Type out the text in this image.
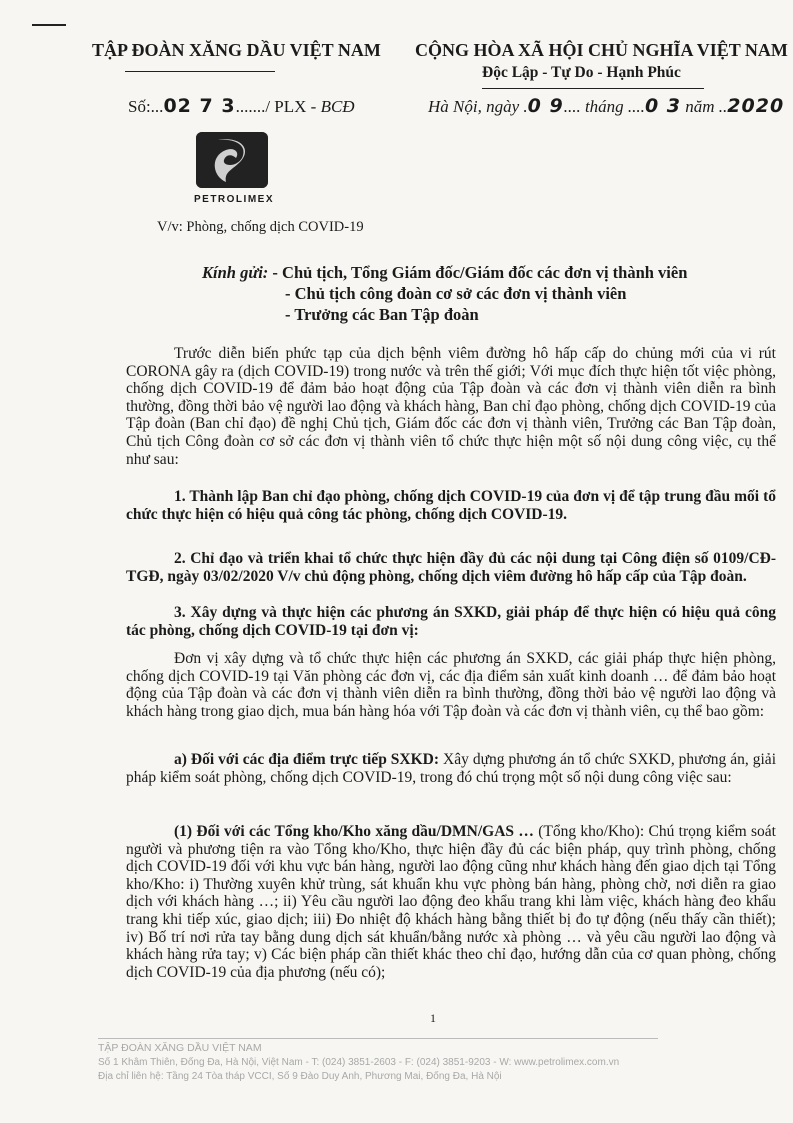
TẬP ĐOÀN XĂNG DẦU VIỆT NAM CỘNG HÒA XÃ HỘI CHỦ NGHĨA VIỆT NAM
Độc Lập - Tự Do - Hạnh Phúc
Số:...02 7 3......./ PLX - BCĐ	Hà Nội, ngày .0 9.... tháng ....0 3 năm ..2020
PETROLIMEX
V/v: Phòng, chống dịch COVID-19
Kính gửi: - Chủ tịch, Tổng Giám đốc/Giám đốc các đơn vị thành viên
- Chủ tịch công đoàn cơ sở các đơn vị thành viên
- Trưởng các Ban Tập đoàn

Trước diễn biến phức tạp của dịch bệnh viêm đường hô hấp cấp do chủng mới của vi rút CORONA gây ra (dịch COVID-19) trong nước và trên thế giới; Với mục đích thực hiện tốt việc phòng, chống dịch COVID-19 để đảm bảo hoạt động của Tập đoàn và các đơn vị thành viên diễn ra bình thường, đồng thời bảo vệ người lao động và khách hàng, Ban chỉ đạo phòng, chống dịch COVID-19 của Tập đoàn (Ban chỉ đạo) đề nghị Chủ tịch, Giám đốc các đơn vị thành viên, Trưởng các Ban Tập đoàn, Chủ tịch Công đoàn cơ sở các đơn vị thành viên tổ chức thực hiện một số nội dung công việc, cụ thể như sau:

1. Thành lập Ban chỉ đạo phòng, chống dịch COVID-19 của đơn vị để tập trung đầu mối tổ chức thực hiện có hiệu quả công tác phòng, chống dịch COVID-19.

2. Chỉ đạo và triển khai tổ chức thực hiện đầy đủ các nội dung tại Công điện số 0109/CĐ-TGĐ, ngày 03/02/2020 V/v chủ động phòng, chống dịch viêm đường hô hấp cấp của Tập đoàn.

3. Xây dựng và thực hiện các phương án SXKD, giải pháp để thực hiện có hiệu quả công tác phòng, chống dịch COVID-19 tại đơn vị:

Đơn vị xây dựng và tổ chức thực hiện các phương án SXKD, các giải pháp thực hiện phòng, chống dịch COVID-19 tại Văn phòng các đơn vị, các địa điểm sản xuất kinh doanh … để đảm bảo hoạt động của Tập đoàn và các đơn vị thành viên diễn ra bình thường, đồng thời bảo vệ người lao động và khách hàng trong giao dịch, mua bán hàng hóa với Tập đoàn và các đơn vị thành viên, cụ thể bao gồm:

a) Đối với các địa điểm trực tiếp SXKD: Xây dựng phương án tổ chức SXKD, phương án, giải pháp kiểm soát phòng, chống dịch COVID-19, trong đó chú trọng một số nội dung công việc sau:

(1) Đối với các Tổng kho/Kho xăng dầu/DMN/GAS … (Tổng kho/Kho): Chú trọng kiểm soát người và phương tiện ra vào Tổng kho/Kho, thực hiện đầy đủ các biện pháp, quy trình phòng, chống dịch COVID-19 đối với khu vực bán hàng, người lao động cũng như khách hàng đến giao dịch tại Tổng kho/Kho: i) Thường xuyên khử trùng, sát khuẩn khu vực phòng bán hàng, phòng chờ, nơi diễn ra giao dịch với khách hàng …; ii) Yêu cầu người lao động đeo khẩu trang khi làm việc, khách hàng đeo khẩu trang khi tiếp xúc, giao dịch; iii) Đo nhiệt độ khách hàng bằng thiết bị đo tự động (nếu thấy cần thiết); iv) Bố trí nơi rửa tay bằng dung dịch sát khuẩn/bằng nước xà phòng … và yêu cầu người lao động và khách hàng rửa tay; v) Các biện pháp cần thiết khác theo chỉ đạo, hướng dẫn của cơ quan phòng, chống dịch COVID-19 của địa phương (nếu có);

1
TẬP ĐOÀN XĂNG DẦU VIỆT NAM
Số 1 Khâm Thiên, Đống Đa, Hà Nội, Việt Nam - T: (024) 3851-2603 - F: (024) 3851-9203 - W: www.petrolimex.com.vn
Địa chỉ liên hệ: Tầng 24 Tòa tháp VCCI, Số 9 Đào Duy Anh, Phương Mai, Đống Đa, Hà Nội
